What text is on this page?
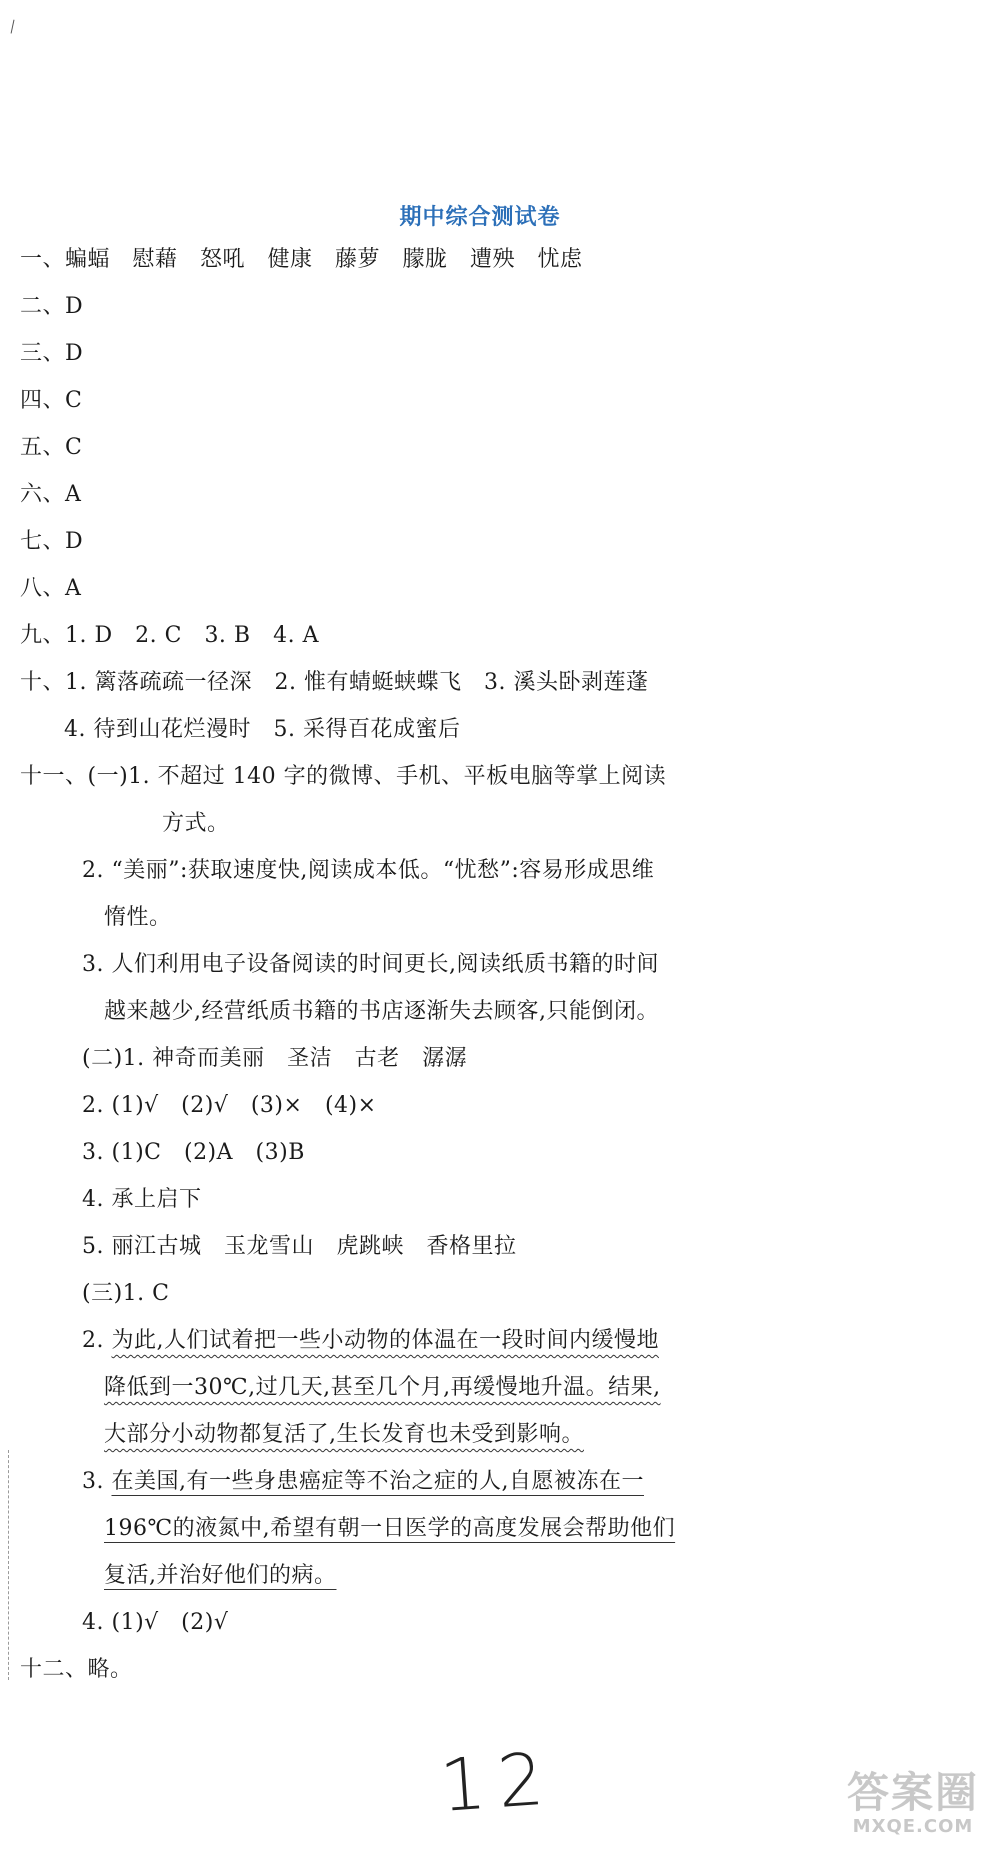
期中综合测试卷
一、蝙蝠　慰藉　怒吼　健康　藤萝　朦胧　遭殃　忧虑
二、D
三、D
四、C
五、C
六、A
七、D
八、A
九、1. D　2. C　3. B　4. A
十、1. 篱落疏疏一径深　2. 惟有蜻蜓蛱蝶飞　3. 溪头卧剥莲蓬
4. 待到山花烂漫时　5. 采得百花成蜜后
十一、(一)1. 不超过 140 字的微博、手机、平板电脑等掌上阅读
方式。
2. “美丽”:获取速度快,阅读成本低。“忧愁”:容易形成思维
惰性。
3. 人们利用电子设备阅读的时间更长,阅读纸质书籍的时间
越来越少,经营纸质书籍的书店逐渐失去顾客,只能倒闭。
(二)1. 神奇而美丽　圣洁　古老　潺潺
2. (1)√　(2)√　(3)×　(4)×
3. (1)C　(2)A　(3)B
4. 承上启下
5. 丽江古城　玉龙雪山　虎跳峡　香格里拉
(三)1. C
2. 为此,人们试着把一些小动物的体温在一段时间内缓慢地
降低到一30℃,过几天,甚至几个月,再缓慢地升温。结果,
大部分小动物都复活了,生长发育也未受到影响。
3. 在美国,有一些身患癌症等不治之症的人,自愿被冻在一
196℃的液氮中,希望有朝一日医学的高度发展会帮助他们
复活,并治好他们的病。
4. (1)√　(2)√
十二、略。
12	答案圈
MXQE.COM
